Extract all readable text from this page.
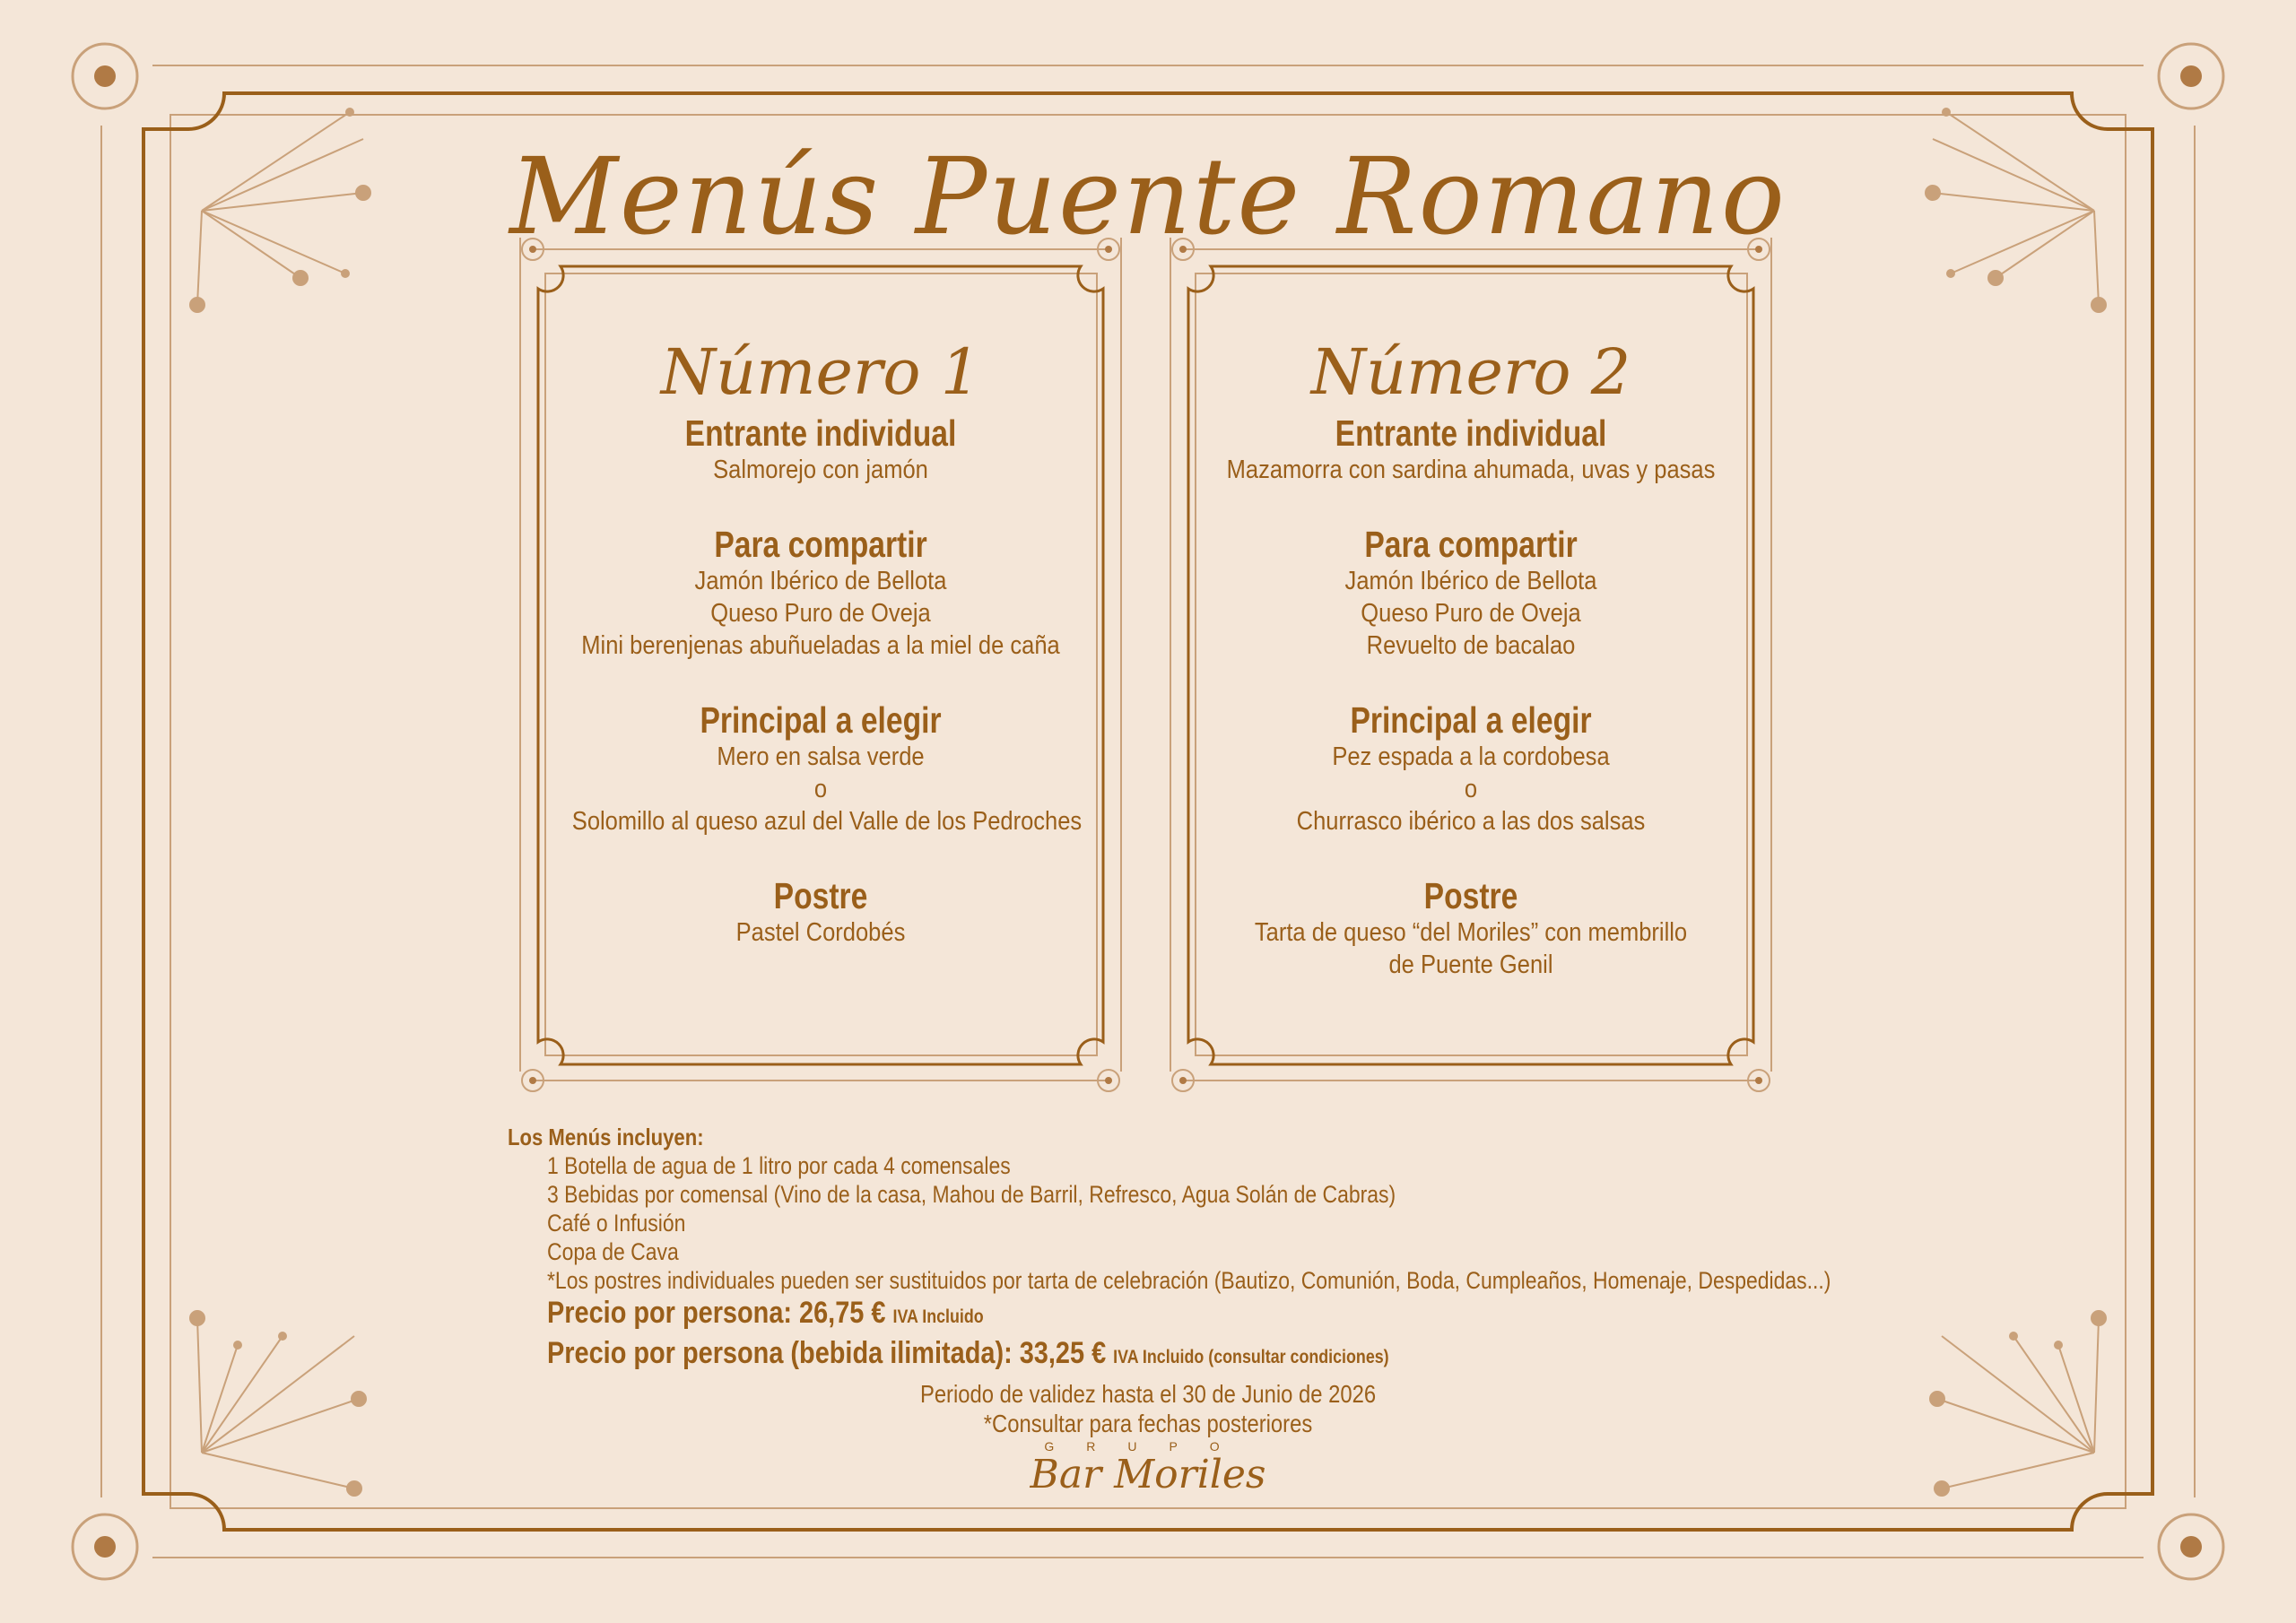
Menús Puente Romano
Número 1
Entrante individual
Salmorejo con jamón
Para compartir
Jamón Ibérico de Bellota
Queso Puro de Oveja
Mini berenjenas abuñueladas a la miel de caña
Principal a elegir
Mero en salsa verde
o
Solomillo al queso azul del Valle de los Pedroches
Postre
Pastel Cordobés
Número 2
Entrante individual
Mazamorra con sardina ahumada, uvas y pasas
Para compartir
Jamón Ibérico de Bellota
Queso Puro de Oveja
Revuelto de bacalao
Principal a elegir
Pez espada a la cordobesa
o
Churrasco ibérico a las dos salsas
Postre
Tarta de queso “del Moriles” con membrillo
de Puente Genil
Los Menús incluyen:
1 Botella de agua de 1 litro por cada 4 comensales
3 Bebidas por comensal (Vino de la casa, Mahou de Barril, Refresco, Agua Solán de Cabras)
Café o Infusión
Copa de Cava
*Los postres individuales pueden ser sustituidos por tarta de celebración (Bautizo, Comunión, Boda, Cumpleaños, Homenaje, Despedidas...)
Precio por persona: 26,75 € IVA Incluido
Precio por persona (bebida ilimitada): 33,25 € IVA Incluido (consultar condiciones)
Periodo de validez hasta el 30 de Junio de 2026
*Consultar para fechas posteriores
GRUPO
Bar Moriles
